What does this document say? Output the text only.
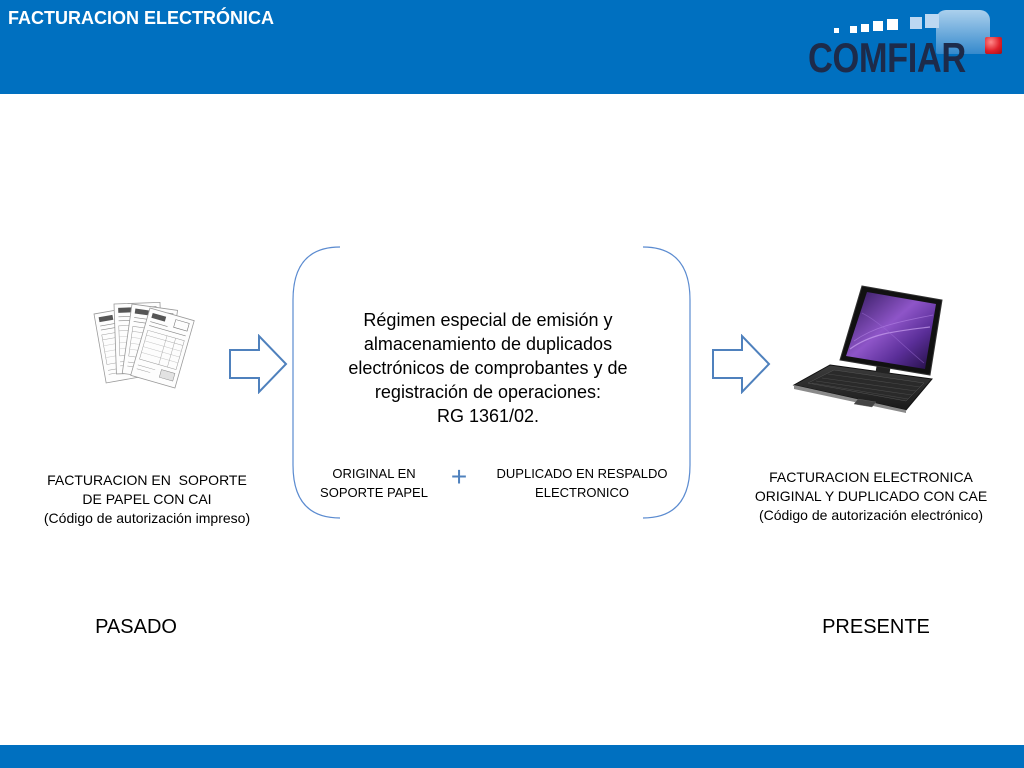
FACTURACION ELECTRÓNICA
COMFIAR
Régimen especial de emisión y
almacenamiento de duplicados
electrónicos de comprobantes y de
registración de operaciones:
RG 1361/02.
ORIGINAL EN
SOPORTE PAPEL
+	DUPLICADO EN RESPALDO
ELECTRONICO
FACTURACION EN  SOPORTE
DE PAPEL CON CAI
(Código de autorización impreso)
FACTURACION ELECTRONICA
ORIGINAL Y DUPLICADO CON CAE
(Código de autorización electrónico)
PASADO	PRESENTE
